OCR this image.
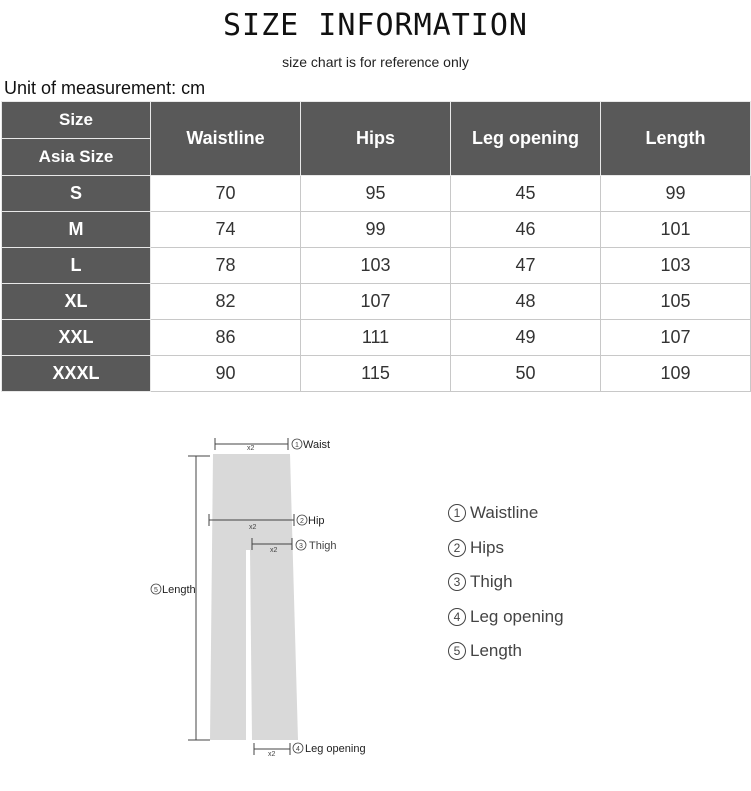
SIZE INFORMATION
size chart is for reference only
Unit of measurement: cm
Size	Waistline	Hips	Leg opening	Length
Asia Size				
S	70	95	45	99
M	74	99	46	101
L	78	103	47	103
XL	82	107	48	105
XXL	86	111	49	107
XXXL	90	115	50	109
x2	1 Waist
x2
2 Hip
x2
3 Thigh
5 Length
x2
4 Leg opening
1 Waistline
2 Hips
3 Thigh
4 Leg opening
5 Length
